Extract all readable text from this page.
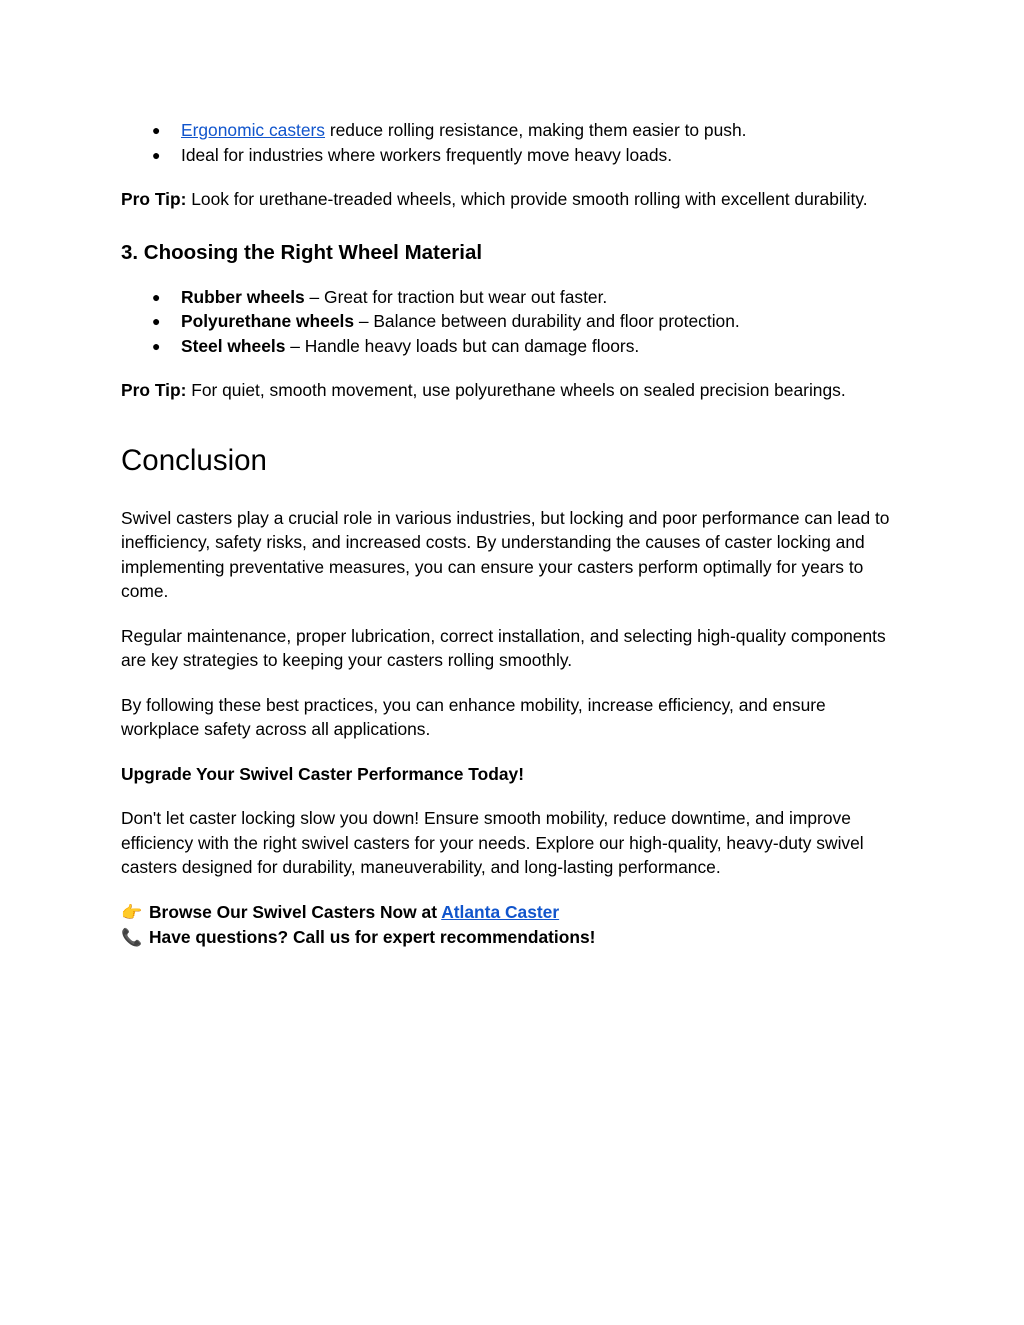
● Ergonomic casters reduce rolling resistance, making them easier to push.
● Ideal for industries where workers frequently move heavy loads.

Pro Tip: Look for urethane-treaded wheels, which provide smooth rolling with excellent durability.

3. Choosing the Right Wheel Material
● Rubber wheels – Great for traction but wear out faster.
● Polyurethane wheels – Balance between durability and floor protection.
● Steel wheels – Handle heavy loads but can damage floors.

Pro Tip: For quiet, smooth movement, use polyurethane wheels on sealed precision bearings.

Conclusion

Swivel casters play a crucial role in various industries, but locking and poor performance can lead to inefficiency, safety risks, and increased costs. By understanding the causes of caster locking and implementing preventative measures, you can ensure your casters perform optimally for years to come.

Regular maintenance, proper lubrication, correct installation, and selecting high-quality components are key strategies to keeping your casters rolling smoothly.

By following these best practices, you can enhance mobility, increase efficiency, and ensure workplace safety across all applications.

Upgrade Your Swivel Caster Performance Today!

Don't let caster locking slow you down! Ensure smooth mobility, reduce downtime, and improve efficiency with the right swivel casters for your needs. Explore our high-quality, heavy-duty swivel casters designed for durability, maneuverability, and long-lasting performance.

👉 Browse Our Swivel Casters Now at Atlanta Caster

📞 Have questions? Call us for expert recommendations!
